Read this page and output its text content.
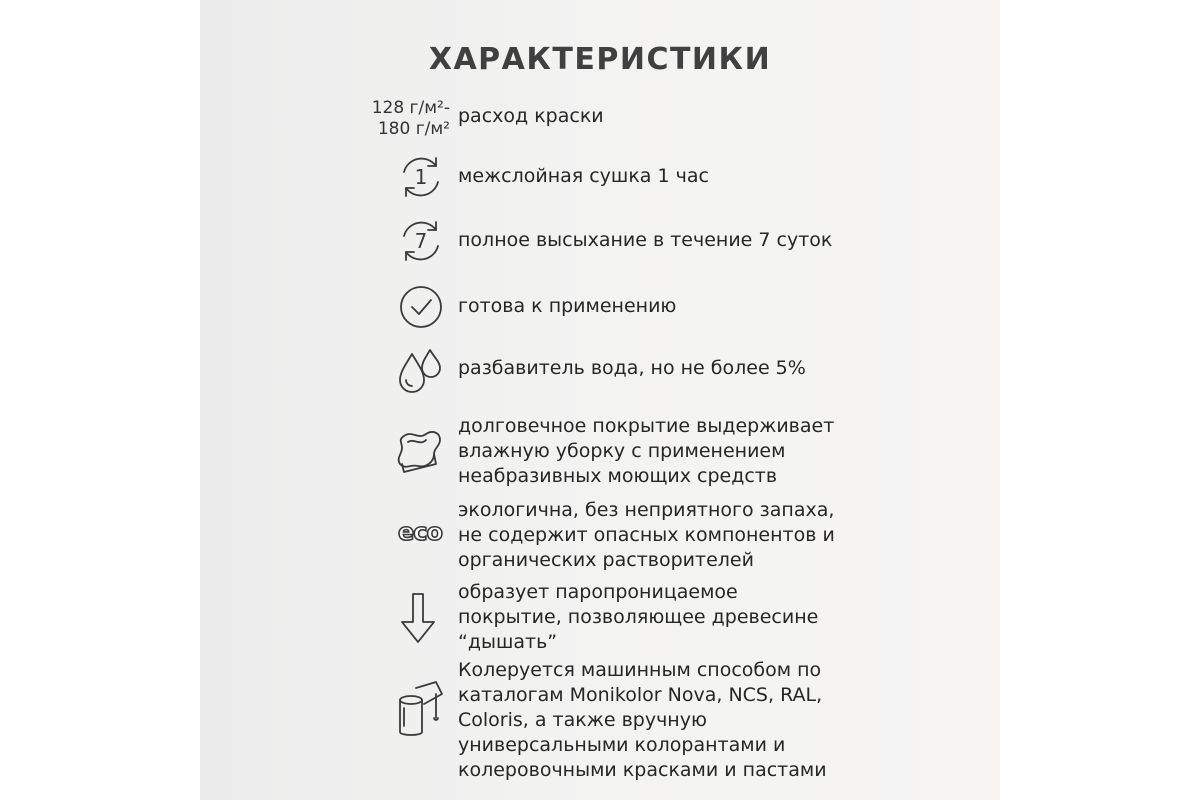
ХАРАКТЕРИСТИКИ
128 г/м²-
180 г/м²
расход краски
1 межслойная сушка 1 час
7 полное высыхание в течение 7 суток
готова к применению
разбавитель вода, но не более 5%
долговечное покрытие выдерживает
влажную уборку с применением
неабразивных моющих средств
eco
экологична, без неприятного запаха,
не содержит опасных компонентов и
органических растворителей
образует паропроницаемое
покрытие, позволяющее древесине
“дышать”
Колеруется машинным способом по
каталогам Monikolor Nova, NCS, RAL,
Coloris, а также вручную
универсальными колорантами и
колеровочными красками и пастами
